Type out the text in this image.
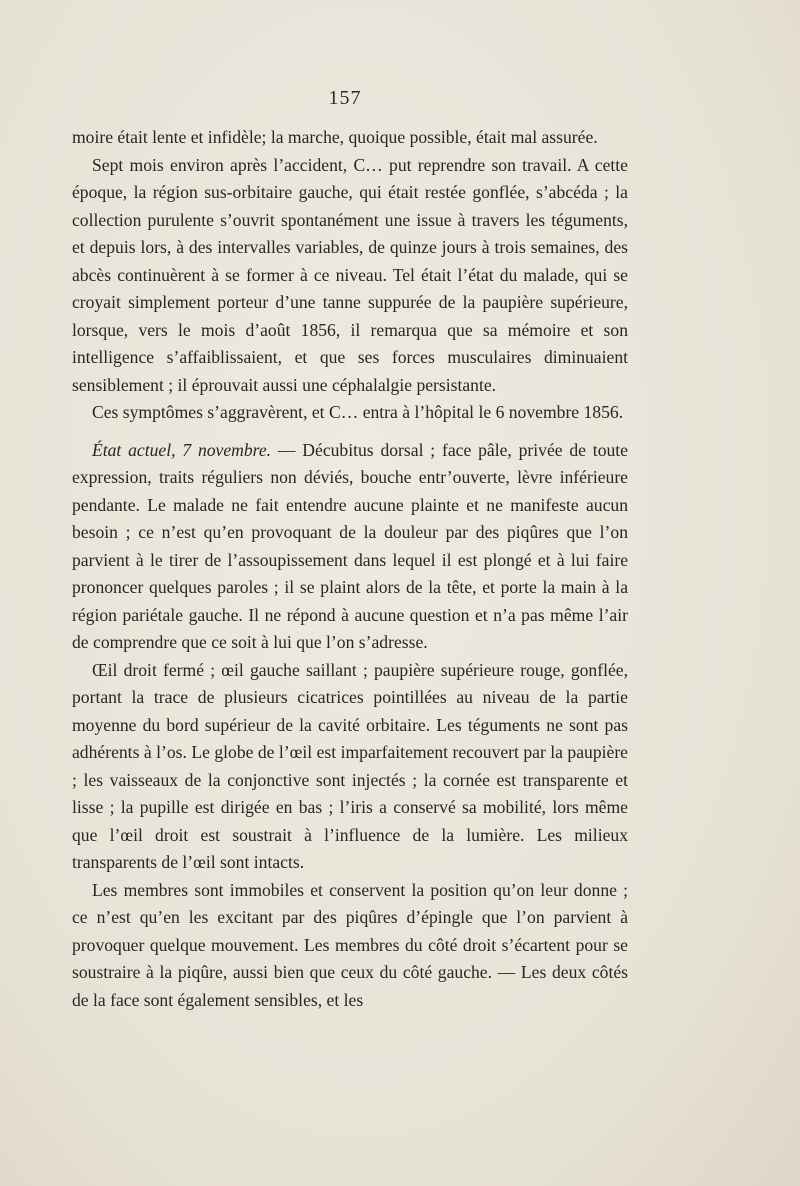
157

moire était lente et infidèle; la marche, quoique possible, était mal assurée.

Sept mois environ après l’accident, C… put reprendre son travail. A cette époque, la région sus-orbitaire gauche, qui était restée gonflée, s’abcéda ; la collection purulente s’ouvrit spontanément une issue à travers les téguments, et depuis lors, à des intervalles variables, de quinze jours à trois semaines, des abcès continuèrent à se former à ce niveau. Tel était l’état du malade, qui se croyait simplement porteur d’une tanne suppurée de la paupière supérieure, lorsque, vers le mois d’août 1856, il remarqua que sa mémoire et son intelligence s’affaiblissaient, et que ses forces musculaires diminuaient sensiblement ; il éprouvait aussi une céphalalgie persistante.

Ces symptômes s’aggravèrent, et C… entra à l’hôpital le 6 novembre 1856.

État actuel, 7 novembre. — Décubitus dorsal ; face pâle, privée de toute expression, traits réguliers non déviés, bouche entr’ouverte, lèvre inférieure pendante. Le malade ne fait entendre aucune plainte et ne manifeste aucun besoin ; ce n’est qu’en provoquant de la douleur par des piqûres que l’on parvient à le tirer de l’assoupissement dans lequel il est plongé et à lui faire prononcer quelques paroles ; il se plaint alors de la tête, et porte la main à la région pariétale gauche. Il ne répond à aucune question et n’a pas même l’air de comprendre que ce soit à lui que l’on s’adresse.

Œil droit fermé ; œil gauche saillant ; paupière supérieure rouge, gonflée, portant la trace de plusieurs cicatrices pointillées au niveau de la partie moyenne du bord supérieur de la cavité orbitaire. Les téguments ne sont pas adhérents à l’os. Le globe de l’œil est imparfaitement recouvert par la paupière ; les vaisseaux de la conjonctive sont injectés ; la cornée est transparente et lisse ; la pupille est dirigée en bas ; l’iris a conservé sa mobilité, lors même que l’œil droit est soustrait à l’influence de la lumière. Les milieux transparents de l’œil sont intacts.

Les membres sont immobiles et conservent la position qu’on leur donne ; ce n’est qu’en les excitant par des piqûres d’épingle que l’on parvient à provoquer quelque mouvement. Les membres du côté droit s’écartent pour se soustraire à la piqûre, aussi bien que ceux du côté gauche. — Les deux côtés de la face sont également sensibles, et les
